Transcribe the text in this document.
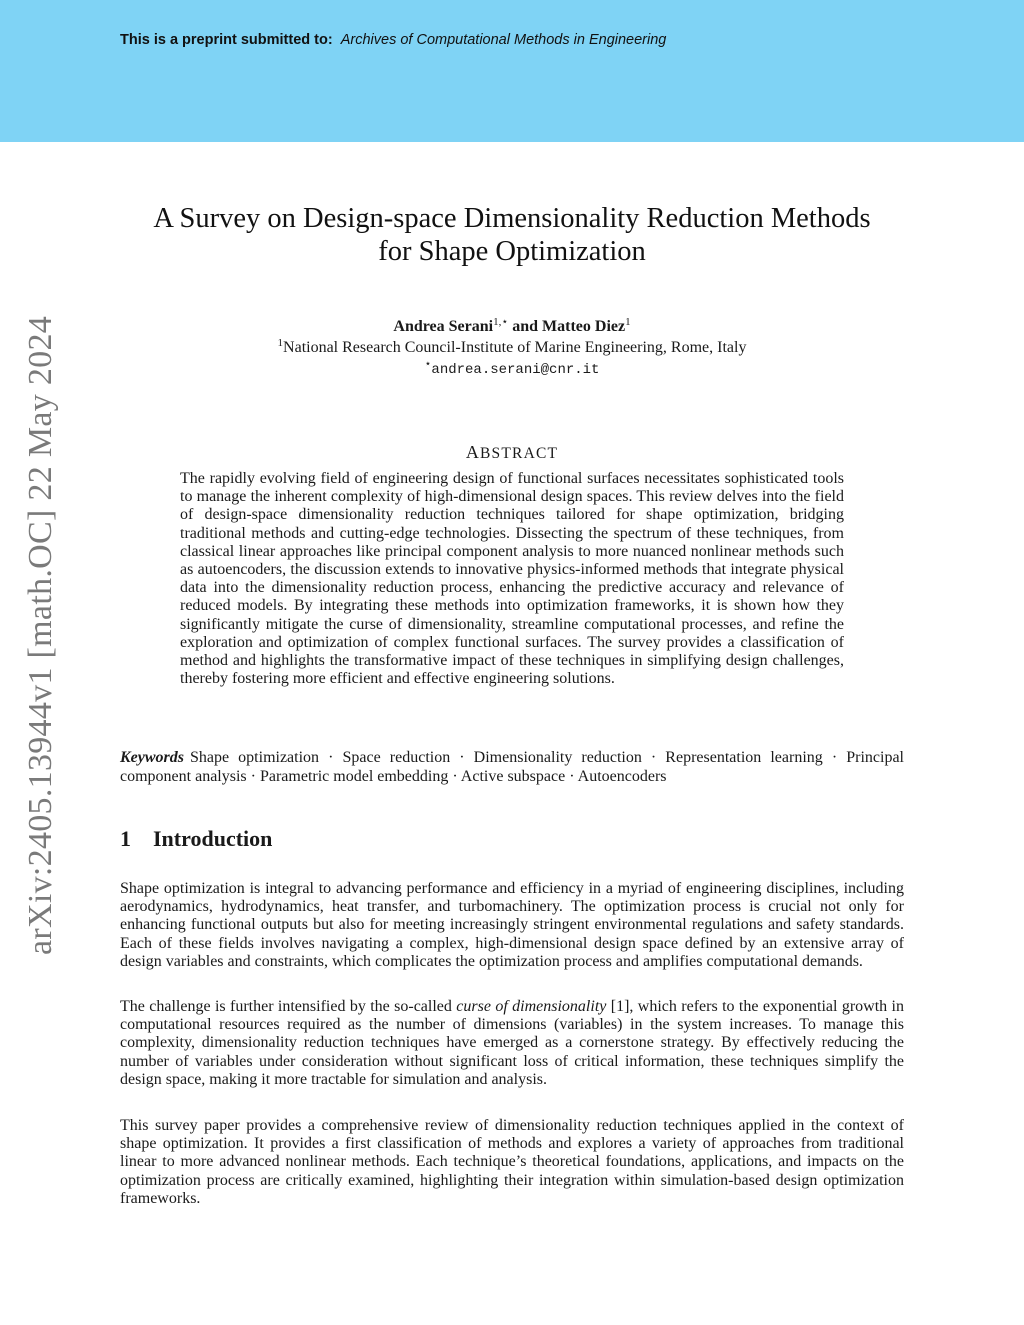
This is a preprint submitted to: Archives of Computational Methods in Engineering
arXiv:2405.13944v1 [math.OC] 22 May 2024
A Survey on Design-space Dimensionality Reduction Methods
for Shape Optimization
Andrea Serani$^{1,⋆}$ and Matteo Diez$^1$
$^1$National Research Council-Institute of Marine Engineering, Rome, Italy
⋆andrea.serani@cnr.it
ABSTRACT

The rapidly evolving field of engineering design of functional surfaces necessitates sophisticated tools to manage the inherent complexity of high-dimensional design spaces. This review delves into the field of design-space dimensionality reduction techniques tailored for shape optimization, bridging traditional methods and cutting-edge technologies. Dissecting the spectrum of these techniques, from classical linear approaches like principal component analysis to more nuanced nonlinear methods such as autoencoders, the discussion extends to innovative physics-informed methods that integrate physical data into the dimensionality reduction process, enhancing the predictive accuracy and relevance of reduced models. By integrating these methods into optimization frameworks, it is shown how they significantly mitigate the curse of dimensionality, streamline computational processes, and refine the exploration and optimization of complex functional surfaces. The survey provides a classification of method and highlights the transformative impact of these techniques in simplifying design challenges, thereby fostering more efficient and effective engineering solutions.

Keywords Shape optimization · Space reduction · Dimensionality reduction · Representation learning · Principal component analysis · Parametric model embedding · Active subspace · Autoencoders

1 Introduction

Shape optimization is integral to advancing performance and efficiency in a myriad of engineering disciplines, including aerodynamics, hydrodynamics, heat transfer, and turbomachinery. The optimization process is crucial not only for enhancing functional outputs but also for meeting increasingly stringent environmental regulations and safety standards. Each of these fields involves navigating a complex, high-dimensional design space defined by an extensive array of design variables and constraints, which complicates the optimization process and amplifies computational demands.

The challenge is further intensified by the so-called curse of dimensionality [1], which refers to the exponential growth in computational resources required as the number of dimensions (variables) in the system increases. To manage this complexity, dimensionality reduction techniques have emerged as a cornerstone strategy. By effectively reducing the number of variables under consideration without significant loss of critical information, these techniques simplify the design space, making it more tractable for simulation and analysis.

This survey paper provides a comprehensive review of dimensionality reduction techniques applied in the context of shape optimization. It provides a first classification of methods and explores a variety of approaches from traditional linear to more advanced nonlinear methods. Each technique’s theoretical foundations, applications, and impacts on the optimization process are critically examined, highlighting their integration within simulation-based design optimization frameworks.
